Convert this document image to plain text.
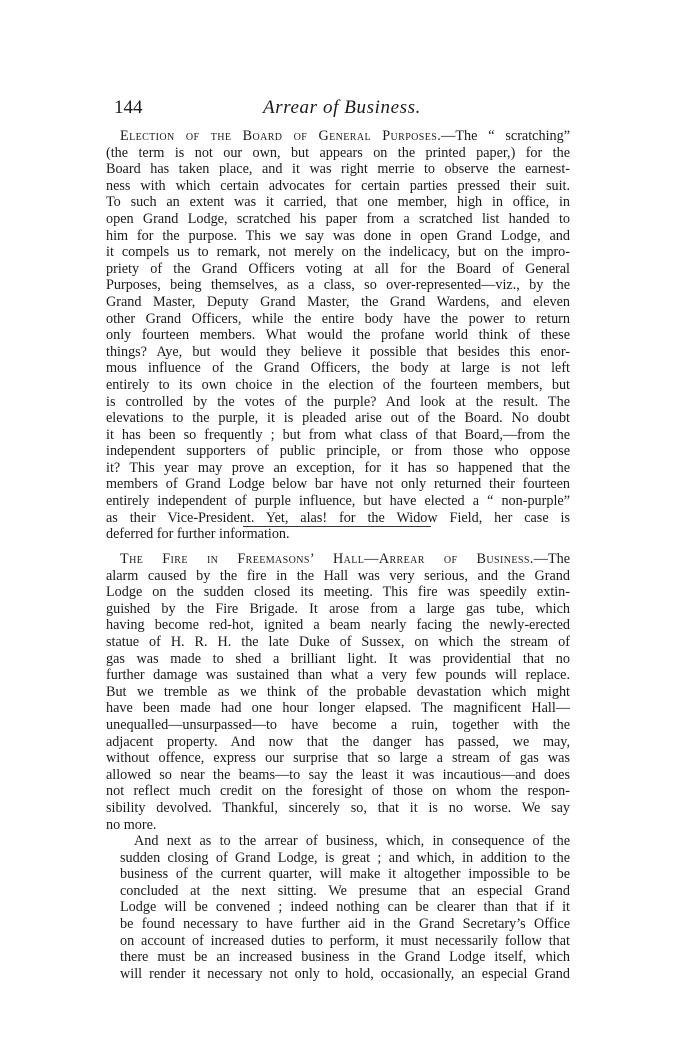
144	Arrear of Business.

Election of the Board of General Purposes.—The “ scratching”
(the term is not our own, but appears on the printed paper,) for the
Board has taken place, and it was right merrie to observe the earnest-
ness with which certain advocates for certain parties pressed their suit.
To such an extent was it carried, that one member, high in office, in
open Grand Lodge, scratched his paper from a scratched list handed to
him for the purpose. This we say was done in open Grand Lodge, and
it compels us to remark, not merely on the indelicacy, but on the impro-
priety of the Grand Officers voting at all for the Board of General
Purposes, being themselves, as a class, so over-represented—viz., by the
Grand Master, Deputy Grand Master, the Grand Wardens, and eleven
other Grand Officers, while the entire body have the power to return
only fourteen members. What would the profane world think of these
things? Aye, but would they believe it possible that besides this enor-
mous influence of the Grand Officers, the body at large is not left
entirely to its own choice in the election of the fourteen members, but
is controlled by the votes of the purple? And look at the result. The
elevations to the purple, it is pleaded arise out of the Board. No doubt
it has been so frequently ; but from what class of that Board,—from the
independent supporters of public principle, or from those who oppose
it? This year may prove an exception, for it has so happened that the
members of Grand Lodge below bar have not only returned their fourteen
entirely independent of purple influence, but have elected a “ non-purple”
as their Vice-President. Yet, alas! for the Widow Field, her case is
deferred for further information.

The Fire in Freemasons’ Hall—Arrear of Business.—The
alarm caused by the fire in the Hall was very serious, and the Grand
Lodge on the sudden closed its meeting. This fire was speedily extin-
guished by the Fire Brigade. It arose from a large gas tube, which
having become red-hot, ignited a beam nearly facing the newly-erected
statue of H. R. H. the late Duke of Sussex, on which the stream of
gas was made to shed a brilliant light. It was providential that no
further damage was sustained than what a very few pounds will replace.
But we tremble as we think of the probable devastation which might
have been made had one hour longer elapsed. The magnificent Hall—
unequalled—unsurpassed—to have become a ruin, together with the
adjacent property. And now that the danger has passed, we may,
without offence, express our surprise that so large a stream of gas was
allowed so near the beams—to say the least it was incautious—and does
not reflect much credit on the foresight of those on whom the respon-
sibility devolved. Thankful, sincerely so, that it is no worse. We say
no more.

And next as to the arrear of business, which, in consequence of the
sudden closing of Grand Lodge, is great ; and which, in addition to the
business of the current quarter, will make it altogether impossible to be
concluded at the next sitting. We presume that an especial Grand
Lodge will be convened ; indeed nothing can be clearer than that if it
be found necessary to have further aid in the Grand Secretary’s Office
on account of increased duties to perform, it must necessarily follow that
there must be an increased business in the Grand Lodge itself, which
will render it necessary not only to hold, occasionally, an especial Grand
